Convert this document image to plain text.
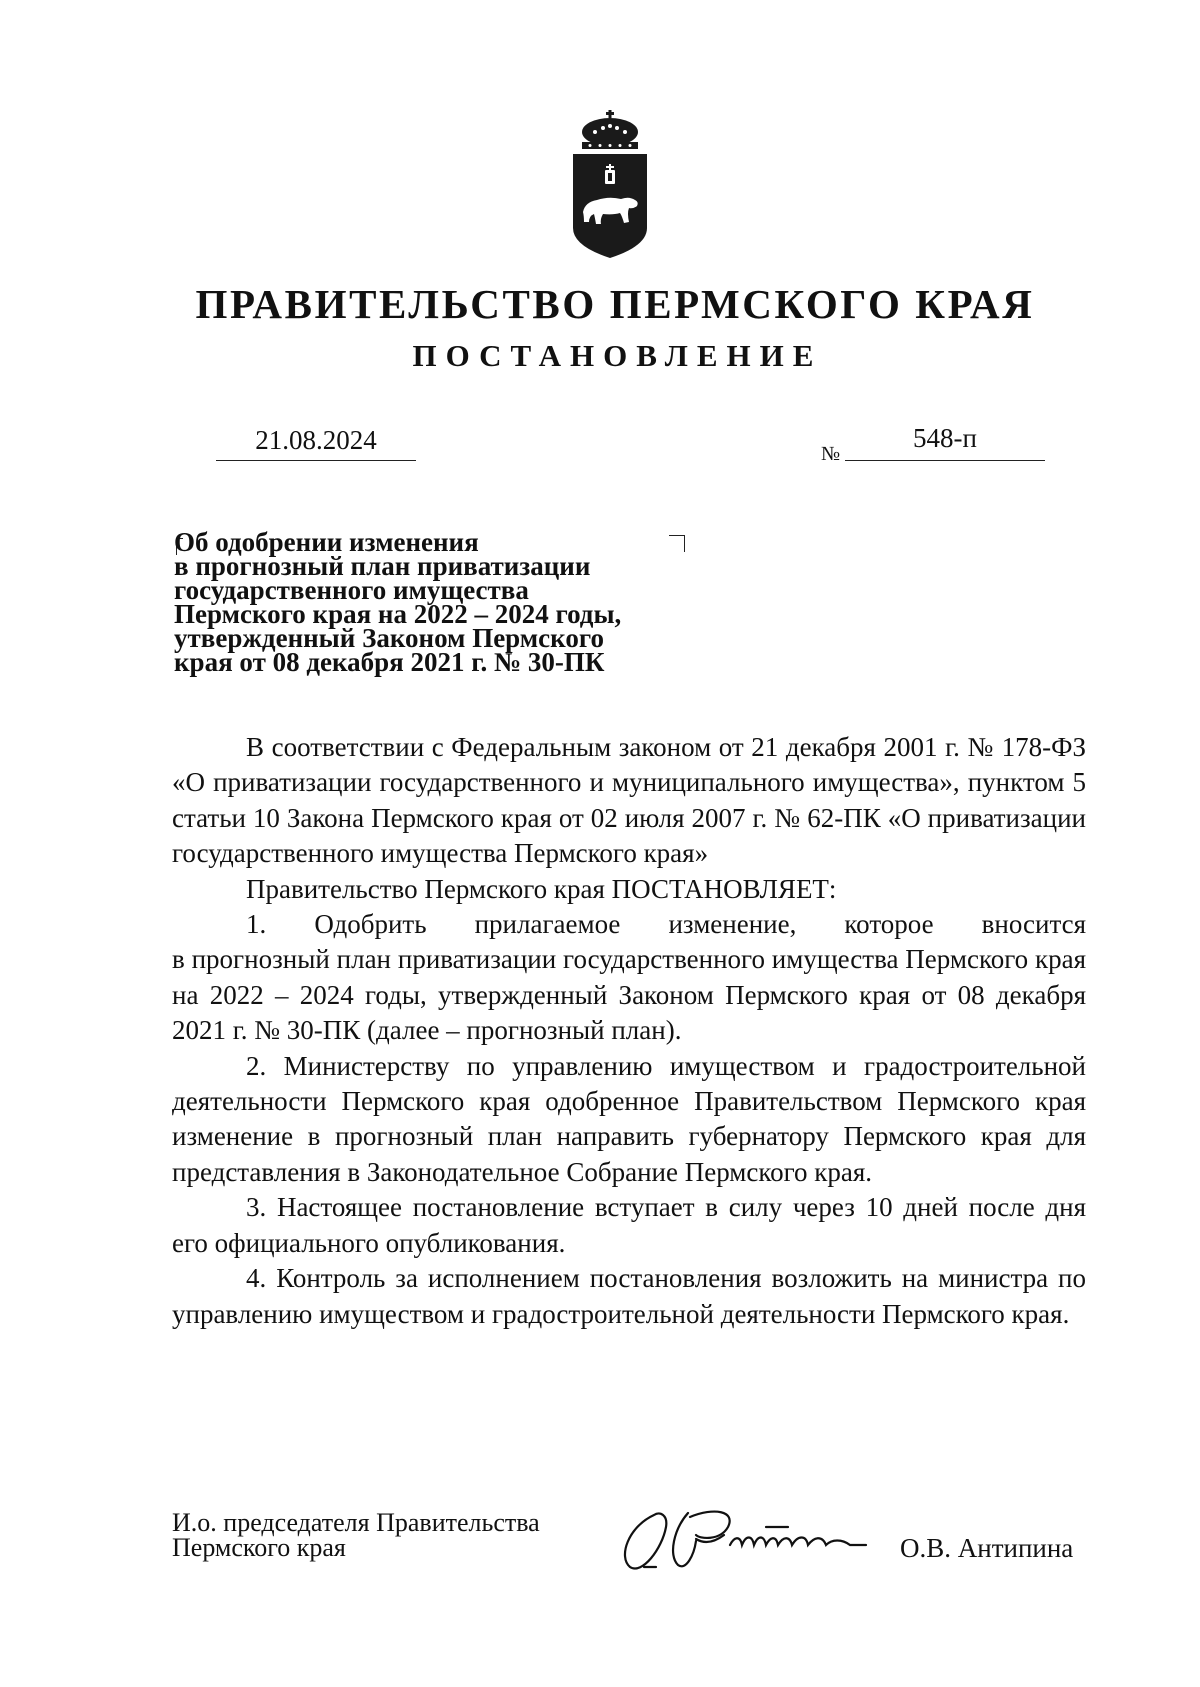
ПРАВИТЕЛЬСТВО ПЕРМСКОГО КРАЯ
ПОСТАНОВЛЕНИЕ
21.08.2024	№
548-п
Об одобрении изменения
в прогнозный план приватизации
государственного имущества
Пермского края на 2022 – 2024 годы,
утвержденный Законом Пермского
края от 08 декабря 2021 г. № 30-ПК

В соответствии с Федеральным законом от 21 декабря 2001 г. № 178-ФЗ «О приватизации государственного и муниципального имущества», пунктом 5 статьи 10 Закона Пермского края от 02 июля 2007 г. № 62-ПК «О приватизации государственного имущества Пермского края»

Правительство Пермского края ПОСТАНОВЛЯЕТ:

1. Одобрить прилагаемое изменение, которое вносится

в прогнозный план приватизации государственного имущества Пермского края на 2022 – 2024 годы, утвержденный Законом Пермского края от 08 декабря 2021 г. № 30-ПК (далее – прогнозный план).

2. Министерству по управлению имуществом и градостроительной деятельности Пермского края одобренное Правительством Пермского края изменение в прогнозный план направить губернатору Пермского края для представления в Законодательное Собрание Пермского края.

3. Настоящее постановление вступает в силу через 10 дней после дня его официального опубликования.

4. Контроль за исполнением постановления возложить на министра по управлению имуществом и градостроительной деятельности Пермского края.

И.о. председателя Правительства
Пермского края	О.В. Антипина
